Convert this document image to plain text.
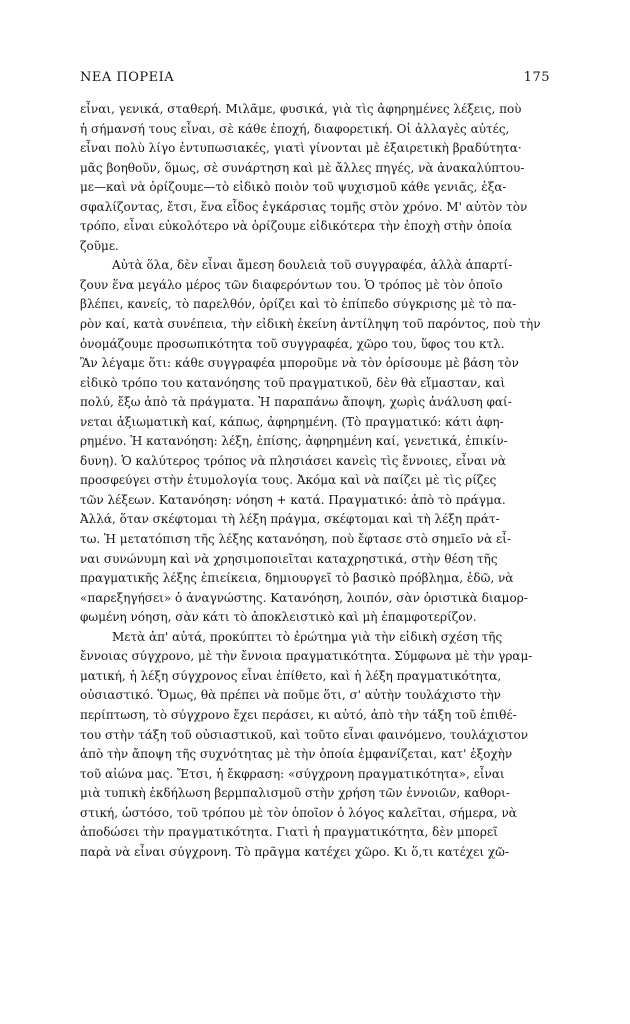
ΝΕΑ ΠΟΡΕΙΑ	175
εἶναι, γενικά, σταθερή. Μιλᾶμε, φυσικά, γιὰ τὶς ἀφηρημένες λέξεις, ποὺ
ἡ σήμανσή τους εἶναι, σὲ κάθε ἐποχή, διαφορετική. Οἱ ἀλλαγὲς αὐτές,
εἶναι πολὺ λίγο ἐντυπωσιακές, γιατὶ γίνονται μὲ ἐξαιρετικὴ βραδύτητα·
μᾶς βοηθοῦν, ὅμως, σὲ συνάρτηση καὶ μὲ ἄλλες πηγές, νὰ ἀνακαλύπτου-
με—καὶ νὰ ὁρίζουμε—τὸ εἰδικὸ ποιὸν τοῦ ψυχισμοῦ κάθε γενιᾶς, ἐξα-
σφαλίζοντας, ἔτσι, ἕνα εἶδος ἐγκάρσιας τομῆς στὸν χρόνο. Μ' αὐτὸν τὸν
τρόπο, εἶναι εὐκολότερο νὰ ὁρίζουμε εἰδικότερα τὴν ἐποχὴ στὴν ὁποία
ζοῦμε.
Αὐτὰ ὅλα, δὲν εἶναι ἄμεση δουλειὰ τοῦ συγγραφέα, ἀλλὰ ἀπαρτί-
ζουν ἕνα μεγάλο μέρος τῶν διαφερόντων του. Ὁ τρόπος μὲ τὸν ὁποῖο
βλέπει, κανείς, τὸ παρελθόν, ὁρίζει καὶ τὸ ἐπίπεδο σύγκρισης μὲ τὸ πα-
ρὸν καί, κατὰ συνέπεια, τὴν εἰδικὴ ἐκείνη ἀντίληψη τοῦ παρόντος, ποὺ τὴν
ὀνομάζουμε προσωπικότητα τοῦ συγγραφέα, χῶρο του, ὕφος του κτλ.
Ἂν λέγαμε ὅτι: κάθε συγγραφέα μποροῦμε νὰ τὸν ὁρίσουμε μὲ βάση τὸν
εἰδικὸ τρόπο του κατανόησης τοῦ πραγματικοῦ, δὲν θὰ εἴμασταν, καὶ
πολύ, ἔξω ἀπὸ τὰ πράγματα. Ἡ παραπάνω ἄποψη, χωρὶς ἀνάλυση φαί-
νεται ἀξιωματικὴ καί, κάπως, ἀφηρημένη. (Τὸ πραγματικό: κάτι ἀφη-
ρημένο. Ἡ κατανόηση: λέξη, ἐπίσης, ἀφηρημένη καί, γενετικά, ἐπικίν-
δυνη). Ὁ καλύτερος τρόπος νὰ πλησιάσει κανεὶς τὶς ἔννοιες, εἶναι νὰ
προσφεύγει στὴν ἐτυμολογία τους. Ἀκόμα καὶ νὰ παίζει μὲ τὶς ρίζες
τῶν λέξεων. Κατανόηση: νόηση + κατά. Πραγματικό: ἀπὸ τὸ πράγμα.
Ἀλλά, ὅταν σκέφτομαι τὴ λέξη πράγμα, σκέφτομαι καὶ τὴ λέξη πράτ-
τω. Ἡ μετατόπιση τῆς λέξης κατανόηση, ποὺ ἔφτασε στὸ σημεῖο νὰ εἶ-
ναι συνώνυμη καὶ νὰ χρησιμοποιεῖται καταχρηστικά, στὴν θέση τῆς
πραγματικῆς λέξης ἐπιείκεια, δημιουργεῖ τὸ βασικὸ πρόβλημα, ἐδῶ, νὰ
«παρεξηγήσει» ὁ ἀναγνώστης. Κατανόηση, λοιπόν, σὰν ὁριστικὰ διαμορ-
φωμένη νόηση, σὰν κάτι τὸ ἀποκλειστικὸ καὶ μὴ ἐπαμφοτερίζον.
Μετὰ ἀπ' αὐτά, προκύπτει τὸ ἐρώτημα γιὰ τὴν εἰδικὴ σχέση τῆς
ἔννοιας σύγχρονο, μὲ τὴν ἔννοια πραγματικότητα. Σύμφωνα μὲ τὴν γραμ-
ματική, ἡ λέξη σύγχρονος εἶναι ἐπίθετο, καὶ ἡ λέξη πραγματικότητα,
οὐσιαστικό. Ὅμως, θὰ πρέπει νὰ ποῦμε ὅτι, σ' αὐτὴν τουλάχιστο τὴν
περίπτωση, τὸ σύγχρονο ἔχει περάσει, κι αὐτό, ἀπὸ τὴν τάξη τοῦ ἐπιθέ-
του στὴν τάξη τοῦ οὐσιαστικοῦ, καὶ τοῦτο εἶναι φαινόμενο, τουλάχιστον
ἀπὸ τὴν ἄποψη τῆς συχνότητας μὲ τὴν ὁποία ἐμφανίζεται, κατ' ἐξοχὴν
τοῦ αἰώνα μας. Ἔτσι, ἡ ἔκφραση: «σύγχρονη πραγματικότητα», εἶναι
μιὰ τυπικὴ ἐκδήλωση βερμπαλισμοῦ στὴν χρήση τῶν ἐννοιῶν, καθορι-
στική, ὡστόσο, τοῦ τρόπου μὲ τὸν ὁποῖον ὁ λόγος καλεῖται, σήμερα, νὰ
ἀποδώσει τὴν πραγματικότητα. Γιατὶ ἡ πραγματικότητα, δὲν μπορεῖ
παρὰ νὰ εἶναι σύγχρονη. Τὸ πρᾶγμα κατέχει χῶρο. Κι ὅ,τι κατέχει χῶ-
